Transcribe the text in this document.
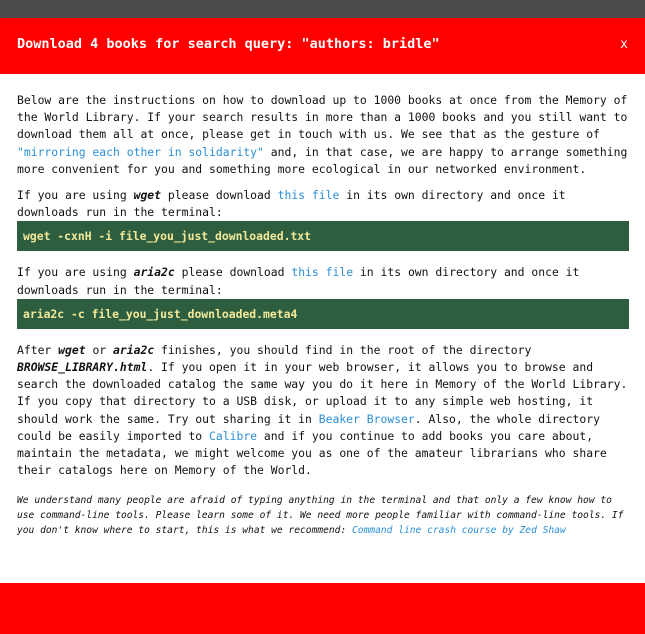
Download 4 books for search query: "authors: bridle"	x

Below are the instructions on how to download up to 1000 books at once from the Memory of the World Library. If your search results in more than a 1000 books and you still want to download them all at once, please get in touch with us. We see that as the gesture of "mirroring each other in solidarity" and, in that case, we are happy to arrange something more convenient for you and something more ecological in our networked environment.

If you are using wget please download this file in its own directory and once it downloads run in the terminal:

wget -cxnH -i file_you_just_downloaded.txt

If you are using aria2c please download this file in its own directory and once it downloads run in the terminal:

aria2c -c file_you_just_downloaded.meta4

After wget or aria2c finishes, you should find in the root of the directory BROWSE_LIBRARY.html. If you open it in your web browser, it allows you to browse and search the downloaded catalog the same way you do it here in Memory of the World Library. If you copy that directory to a USB disk, or upload it to any simple web hosting, it should work the same. Try out sharing it in Beaker Browser. Also, the whole directory could be easily imported to Calibre and if you continue to add books you care about, maintain the metadata, we might welcome you as one of the amateur librarians who share their catalogs here on Memory of the World.

We understand many people are afraid of typing anything in the terminal and that only a few know how to use command-line tools. Please learn some of it. We need more people familiar with command-line tools. If you don't know where to start, this is what we recommend: Command line crash course by Zed Shaw
